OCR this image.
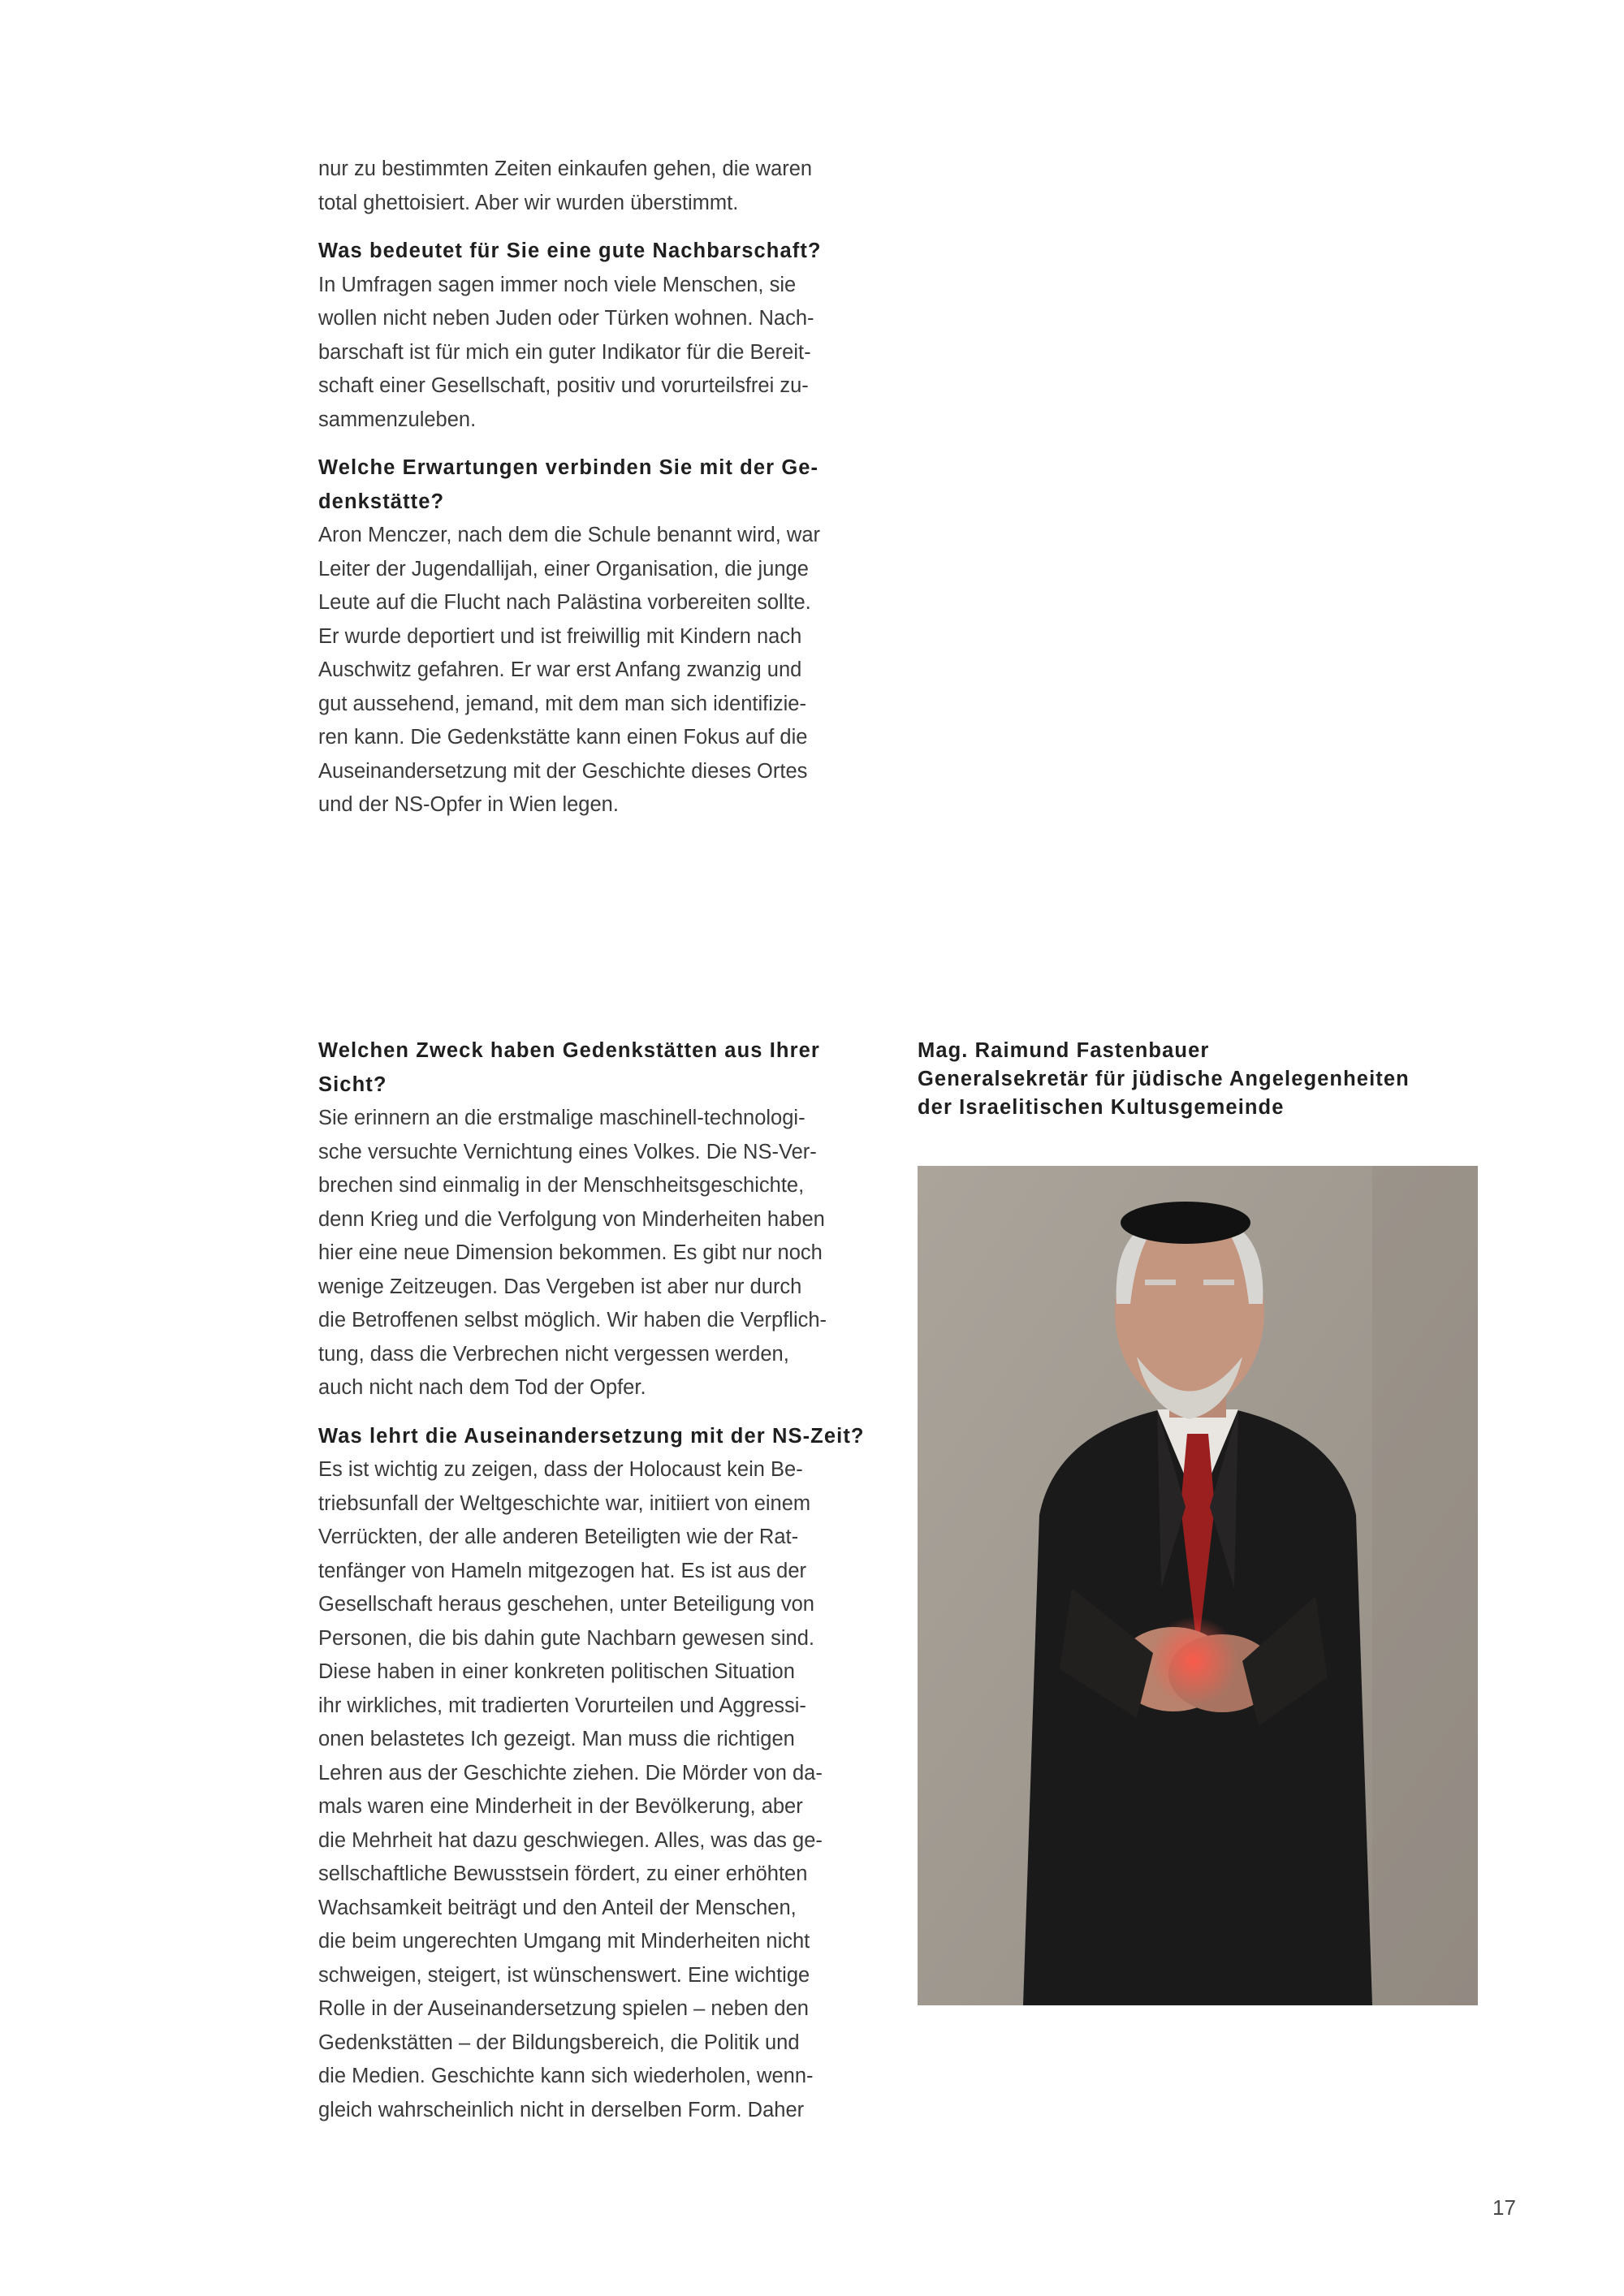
nur zu bestimmten Zeiten einkaufen gehen, die waren
total ghettoisiert. Aber wir wurden überstimmt.

Was bedeutet für Sie eine gute Nachbarschaft?
In Umfragen sagen immer noch viele Menschen, sie
wollen nicht neben Juden oder Türken wohnen. Nach-
barschaft ist für mich ein guter Indikator für die Bereit-
schaft einer Gesellschaft, positiv und vorurteilsfrei zu-
sammenzuleben.

Welche Erwartungen verbinden Sie mit der Ge-
denkstätte?
Aron Menczer, nach dem die Schule benannt wird, war
Leiter der Jugendallijah, einer Organisation, die junge
Leute auf die Flucht nach Palästina vorbereiten sollte.
Er wurde deportiert und ist freiwillig mit Kindern nach
Auschwitz gefahren. Er war erst Anfang zwanzig und
gut aussehend, jemand, mit dem man sich identifizie-
ren kann. Die Gedenkstätte kann einen Fokus auf die
Auseinandersetzung mit der Geschichte dieses Ortes
und der NS-Opfer in Wien legen.

Welchen Zweck haben Gedenkstätten aus Ihrer
Sicht?
Sie erinnern an die erstmalige maschinell-technologi-
sche versuchte Vernichtung eines Volkes. Die NS-Ver-
brechen sind einmalig in der Menschheitsgeschichte,
denn Krieg und die Verfolgung von Minderheiten haben
hier eine neue Dimension bekommen. Es gibt nur noch
wenige Zeitzeugen. Das Vergeben ist aber nur durch
die Betroffenen selbst möglich. Wir haben die Verpflich-
tung, dass die Verbrechen nicht vergessen werden,
auch nicht nach dem Tod der Opfer.

Was lehrt die Auseinandersetzung mit der NS-Zeit?
Es ist wichtig zu zeigen, dass der Holocaust kein Be-
triebsunfall der Weltgeschichte war, initiiert von einem
Verrückten, der alle anderen Beteiligten wie der Rat-
tenfänger von Hameln mitgezogen hat. Es ist aus der
Gesellschaft heraus geschehen, unter Beteiligung von
Personen, die bis dahin gute Nachbarn gewesen sind.
Diese haben in einer konkreten politischen Situation
ihr wirkliches, mit tradierten Vorurteilen und Aggressi-
onen belastetes Ich gezeigt. Man muss die richtigen
Lehren aus der Geschichte ziehen. Die Mörder von da-
mals waren eine Minderheit in der Bevölkerung, aber
die Mehrheit hat dazu geschwiegen. Alles, was das ge-
sellschaftliche Bewusstsein fördert, zu einer erhöhten
Wachsamkeit beiträgt und den Anteil der Menschen,
die beim ungerechten Umgang mit Minderheiten nicht
schweigen, steigert, ist wünschenswert. Eine wichtige
Rolle in der Auseinandersetzung spielen – neben den
Gedenkstätten – der Bildungsbereich, die Politik und
die Medien. Geschichte kann sich wiederholen, wenn-
gleich wahrscheinlich nicht in derselben Form. Daher

Mag. Raimund Fastenbauer
Generalsekretär für jüdische Angelegenheiten
der Israelitischen Kultusgemeinde
17
